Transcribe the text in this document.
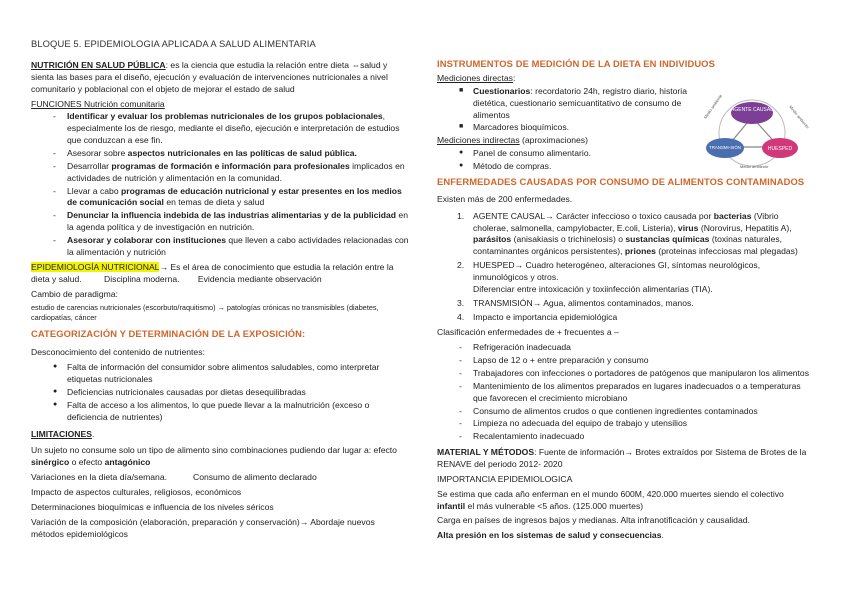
BLOQUE 5. EPIDEMIOLOGIA APLICADA A SALUD ALIMENTARIA

NUTRICIÓN EN SALUD PÚBLICA: es la ciencia que estudia la relación entre dieta ⇔salud y sienta las bases para el diseño, ejecución y evaluación de intervenciones nutricionales a nivel comunitario y poblacional con el objeto de mejorar el estado de salud

FUNCIONES Nutrición comunitaria

- Identificar y evaluar los problemas nutricionales de los grupos poblacionales, especialmente los de riesgo, mediante el diseño, ejecución e interpretación de estudios que conduzcan a ese fin.
- Asesorar sobre aspectos nutricionales en las políticas de salud pública.
- Desarrollar programas de formación e información para profesionales implicados en actividades de nutrición y alimentación en la comunidad.
- Llevar a cabo programas de educación nutricional y estar presentes en los medios de comunicación social en temas de dieta y salud
- Denunciar la influencia indebida de las industrias alimentarias y de la publicidad en la agenda política y de investigación en nutrición.
- Asesorar y colaborar con instituciones que lleven a cabo actividades relacionadas con la alimentación y nutrición

EPIDEMIOLOGÍA NUTRICIONAL→ Es el área de conocimiento que estudia la relación entre la dieta y salud.	Disciplina moderna. Evidencia mediante observación

Cambio de paradigma:

estudio de carencias nutricionales (escorbuto/raquitismo) → patologías crónicas no transmisibles (diabetes, cardiopatías, cáncer

CATEGORIZACIÓN Y DETERMINACIÓN DE LA EXPOSICIÓN:

Desconocimiento del contenido de nutrientes:

● Falta de información del consumidor sobre alimentos saludables, como interpretar etiquetas nutricionales
● Deficiencias nutricionales causadas por dietas desequilibradas
● Falta de acceso a los alimentos, lo que puede llevar a la malnutrición (exceso o deficiencia de nutrientes)

LIMITACIONES.

Un sujeto no consume solo un tipo de alimento sino combinaciones pudiendo dar lugar a: efecto sinérgico o efecto antagónico

Variaciones en la dieta día/semana.	Consumo de alimento declarado

Impacto de aspectos culturales, religiosos, económicos

Determinaciones bioquímicas e influencia de los niveles séricos

Variación de la composición (elaboración, preparación y conservación)→ Abordaje nuevos métodos epidemiológicos

INSTRUMENTOS DE MEDICIÓN DE LA DIETA EN INDIVIDUOS

Mediciones directas:

■ Cuestionarios: recordatorio 24h, registro diario, historia dietética, cuestionario semicuantitativo de consumo de alimentos
■ Marcadores bioquímicos.

Mediciones indirectas (aproximaciones)

● Panel de consumo alimentario.
● Método de compras.
ENFERMEDADES CAUSADAS POR CONSUMO DE ALIMENTOS CONTAMINADOS

Existen más de 200 enfermedades.

1. AGENTE CAUSAL→ Carácter infeccioso o toxico causada por bacterias (Vibrio cholerae, salmonella, campylobacter, E.coli, Listeria), virus (Norovirus, Hepatitis A), parásitos (anisakiasis o trichinelosis) o sustancias químicas (toxinas naturales, contaminantes orgánicos persistentes), priones (proteinas infecciosas mal plegadas)
2. HUESPED→ Cuadro heterogéneo, alteraciones GI, síntomas neurológicos, inmunológicos y otros.
Diferenciar entre intoxicación y toxiinfección alimentarias (TIA).
3. TRANSMISIÓN→ Agua, alimentos contaminados, manos.
4. Impacto e importancia epidemiológica

Clasificación enfermedades de + frecuentes a –

- Refrigeración inadecuada
- Lapso de 12 o + entre preparación y consumo
- Trabajadores con infecciones o portadores de patógenos que manipularon los alimentos
- Mantenimiento de los alimentos preparados en lugares inadecuados o a temperaturas que favorecen el crecimiento microbiano
- Consumo de alimentos crudos o que contienen ingredientes contaminados
- Limpieza no adecuada del equipo de trabajo y utensilios
- Recalentamiento inadecuado

MATERIAL Y MÉTODOS: Fuente de información→ Brotes extraídos por Sistema de Brotes de la RENAVE del periodo 2012- 2020

IMPORTANCIA EPIDEMIOLOGICA

Se estima que cada año enferman en el mundo 600M, 420.000 muertes siendo el colectivo infantil el más vulnerable <5 años. (125.000 muertes)

Carga en países de ingresos bajos y medianas. Alta infranotificación y causalidad.

Alta presión en los sistemas de salud y consecuencias.

Medio ambiente	Medio ambiente
Medio ambiente
AGENTE CAUSAL
TRANSMI-SIÓN	HUESPED
